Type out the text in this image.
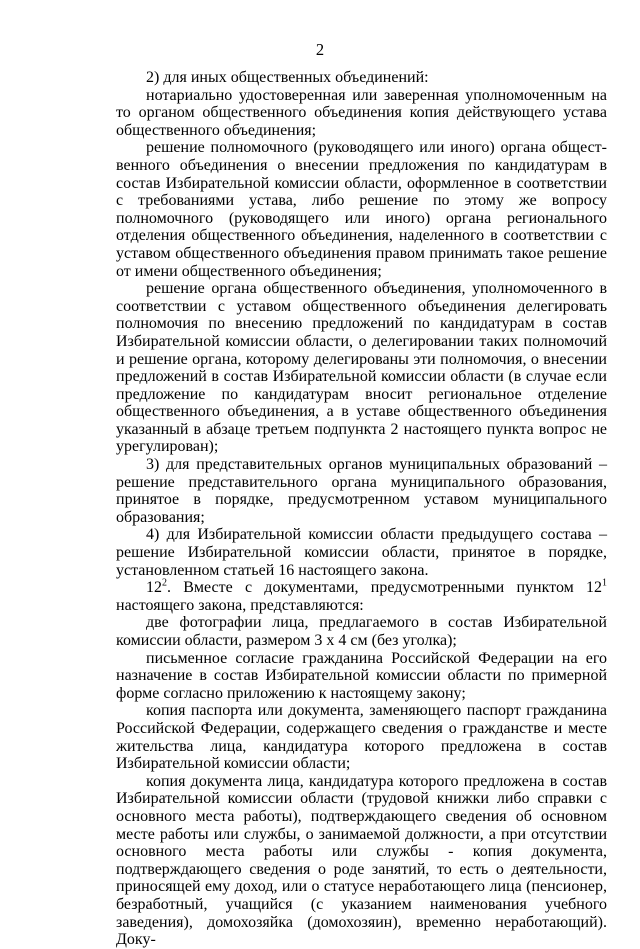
2

2) для иных общественных объединений:

нотариально удостоверенная или заверенная уполномоченным на то органом общественного объединения копия действующего устава общественного объединения;

решение полномочного (руководящего или иного) органа общественного объединения о внесении предложения по кандидатурам в состав Избирательной комиссии области, оформленное в соответствии с требованиями устава, либо решение по этому же вопросу полномочного (руководящего или иного) органа регионального отделения общественного объединения, наделенного в соответствии с уставом общественного объединения правом принимать такое решение от имени общественного объединения;

решение органа общественного объединения, уполномоченного в соответствии с уставом общественного объединения делегировать полномочия по внесению предложений по кандидатурам в состав Избирательной комиссии области, о делегировании таких полномочий и решение органа, которому делегированы эти полномочия, о внесении предложений в состав Избирательной комиссии области (в случае если предложение по кандидатурам вносит региональное отделение общественного объединения, а в уставе общественного объединения указанный в абзаце третьем подпункта 2 настоящего пункта вопрос не урегулирован);

3) для представительных органов муниципальных образований – решение представительного органа муниципального образования, принятое в порядке, предусмотренном уставом муниципального образования;

4) для Избирательной комиссии области предыдущего состава – решение Избирательной комиссии области, принятое в порядке, установленном статьей 16 настоящего закона.

$12^2$. Вместе с документами, предусмотренными пунктом $12^1$ настоящего закона, представляются:

две фотографии лица, предлагаемого в состав Избирательной комиссии области, размером 3 х 4 см (без уголка);

письменное согласие гражданина Российской Федерации на его назначение в состав Избирательной комиссии области по примерной форме согласно приложению к настоящему закону;

копия паспорта или документа, заменяющего паспорт гражданина Российской Федерации, содержащего сведения о гражданстве и месте жительства лица, кандидатура которого предложена в состав Избирательной комиссии области;

копия документа лица, кандидатура которого предложена в состав Избирательной комиссии области (трудовой книжки либо справки с основного места работы), подтверждающего сведения об основном месте работы или службы, о занимаемой должности, а при отсутствии основного места работы или службы - копия документа, подтверждающего сведения о роде занятий, то есть о деятельности, приносящей ему доход, или о статусе неработающего лица (пенсионер, безработный, учащийся (с указанием наименования учебного заведения), домохозяйка (домохозяин), временно неработающий). Доку-
